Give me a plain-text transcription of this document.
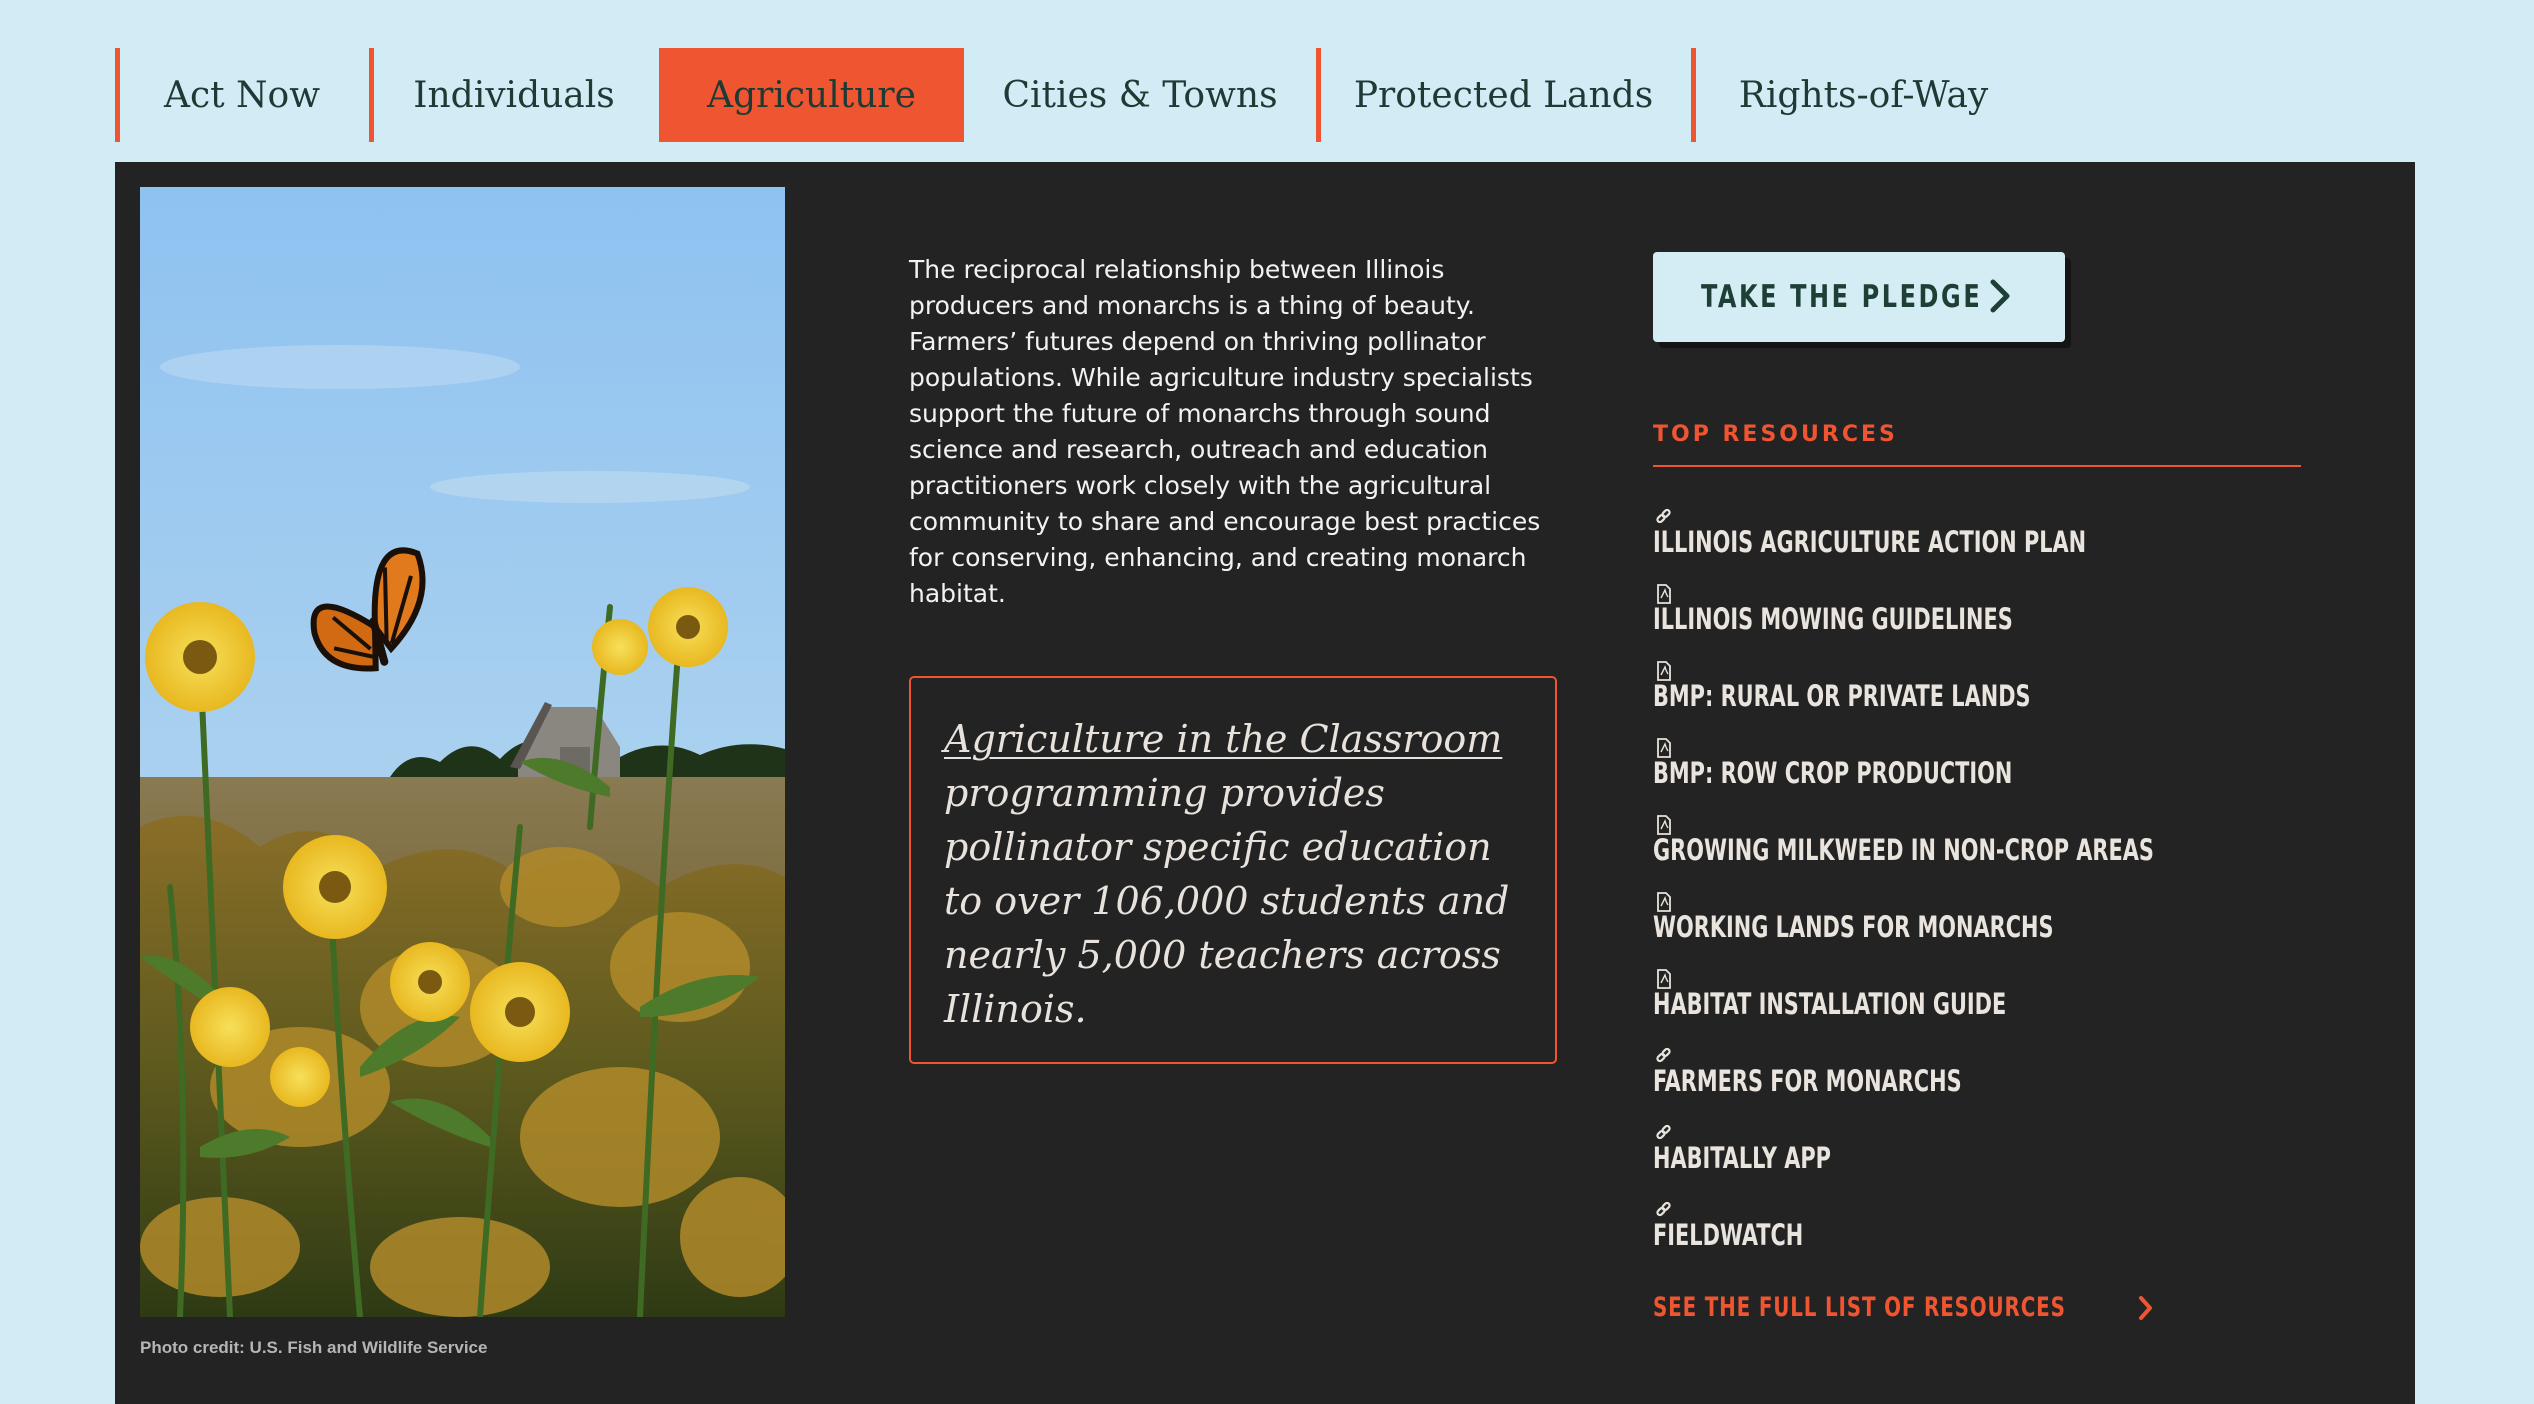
Act Now	Individuals	Agriculture Cities & Towns Protected Lands Rights-of-Way
Photo credit: U.S. Fish and Wildlife Service

The reciprocal relationship between Illinois producers and monarchs is a thing of beauty. Farmers’ futures depend on thriving pollinator populations. While agriculture industry specialists support the future of monarchs through sound science and research, outreach and education practitioners work closely with the agricultural community to share and encourage best practices for conserving, enhancing, and creating monarch habitat.

Agriculture in the Classroom programming provides pollinator specific education to over 106,000 students and nearly 5,000 teachers across Illinois.
TAKE THE PLEDGE
TOP RESOURCES
ILLINOIS AGRICULTURE ACTION PLAN
ILLINOIS MOWING GUIDELINES
BMP: RURAL OR PRIVATE LANDS
BMP: ROW CROP PRODUCTION
GROWING MILKWEED IN NON-CROP AREAS
WORKING LANDS FOR MONARCHS
HABITAT INSTALLATION GUIDE
FARMERS FOR MONARCHS
HABITALLY APP
FIELDWATCH
SEE THE FULL LIST OF RESOURCES
